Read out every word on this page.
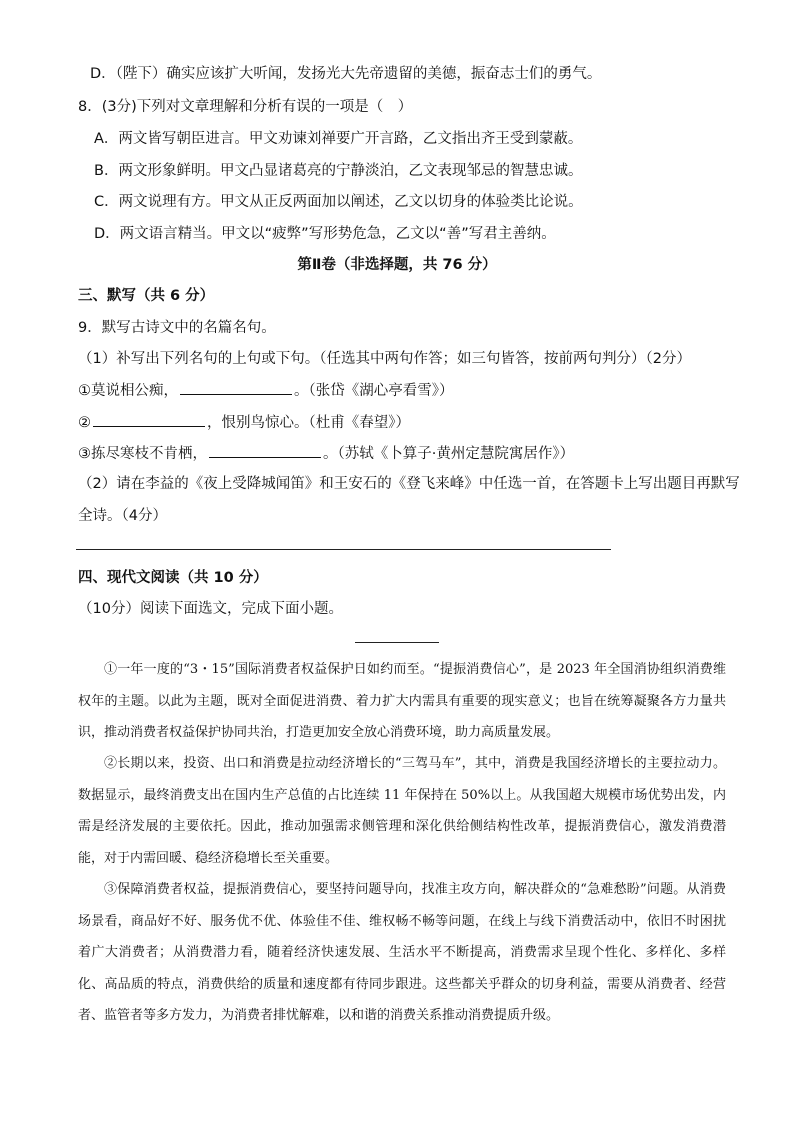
D．（陛下）确实应该扩大听闻，发扬光大先帝遗留的美德，振奋志士们的勇气。
8．(3分)下列对文章理解和分析有误的一项是（　）
A．两文皆写朝臣进言。甲文劝谏刘禅要广开言路，乙文指出齐王受到蒙蔽。
B．两文形象鲜明。甲文凸显诸葛亮的宁静淡泊，乙文表现邹忌的智慧忠诚。
C．两文说理有方。甲文从正反两面加以阐述，乙文以切身的体验类比论说。
D．两文语言精当。甲文以“疲弊”写形势危急，乙文以“善”写君主善纳。
第Ⅱ卷（非选择题，共 76 分）
三、默写（共 6 分）
9．默写古诗文中的名篇名句。
（1）补写出下列名句的上句或下句。（任选其中两句作答；如三句皆答，按前两句判分）（2分）
①莫说相公痴，	。（张岱《湖心亭看雪》）
②	，恨别鸟惊心。（杜甫《春望》）
③拣尽寒枝不肯栖，	。（苏轼《卜算子·黄州定慧院寓居作》）
（2）请在李益的《夜上受降城闻笛》和王安石的《登飞来峰》中任选一首，在答题卡上写出题目再默写
全诗。（4分）
四、现代文阅读（共 10 分）
（10分）阅读下面选文，完成下面小题。

①一年一度的“3・15”国际消费者权益保护日如约而至。“提振消费信心”，是 2023 年全国消协组织消费维权年的主题。以此为主题，既对全面促进消费、着力扩大内需具有重要的现实意义；也旨在统筹凝聚各方力量共识，推动消费者权益保护协同共治，打造更加安全放心消费环境，助力高质量发展。

②长期以来，投资、出口和消费是拉动经济增长的“三驾马车”，其中，消费是我国经济增长的主要拉动力。数据显示，最终消费支出在国内生产总值的占比连续 11 年保持在 50%以上。从我国超大规模市场优势出发，内需是经济发展的主要依托。因此，推动加强需求侧管理和深化供给侧结构性改革，提振消费信心，激发消费潜能，对于内需回暖、稳经济稳增长至关重要。

③保障消费者权益，提振消费信心，要坚持问题导向，找准主攻方向，解决群众的“急难愁盼”问题。从消费场景看，商品好不好、服务优不优、体验佳不佳、维权畅不畅等问题，在线上与线下消费活动中，依旧不时困扰着广大消费者；从消费潜力看，随着经济快速发展、生活水平不断提高，消费需求呈现个性化、多样化、多样化、高品质的特点，消费供给的质量和速度都有待同步跟进。这些都关乎群众的切身利益，需要从消费者、经营者、监管者等多方发力，为消费者排忧解难，以和谐的消费关系推动消费提质升级。
